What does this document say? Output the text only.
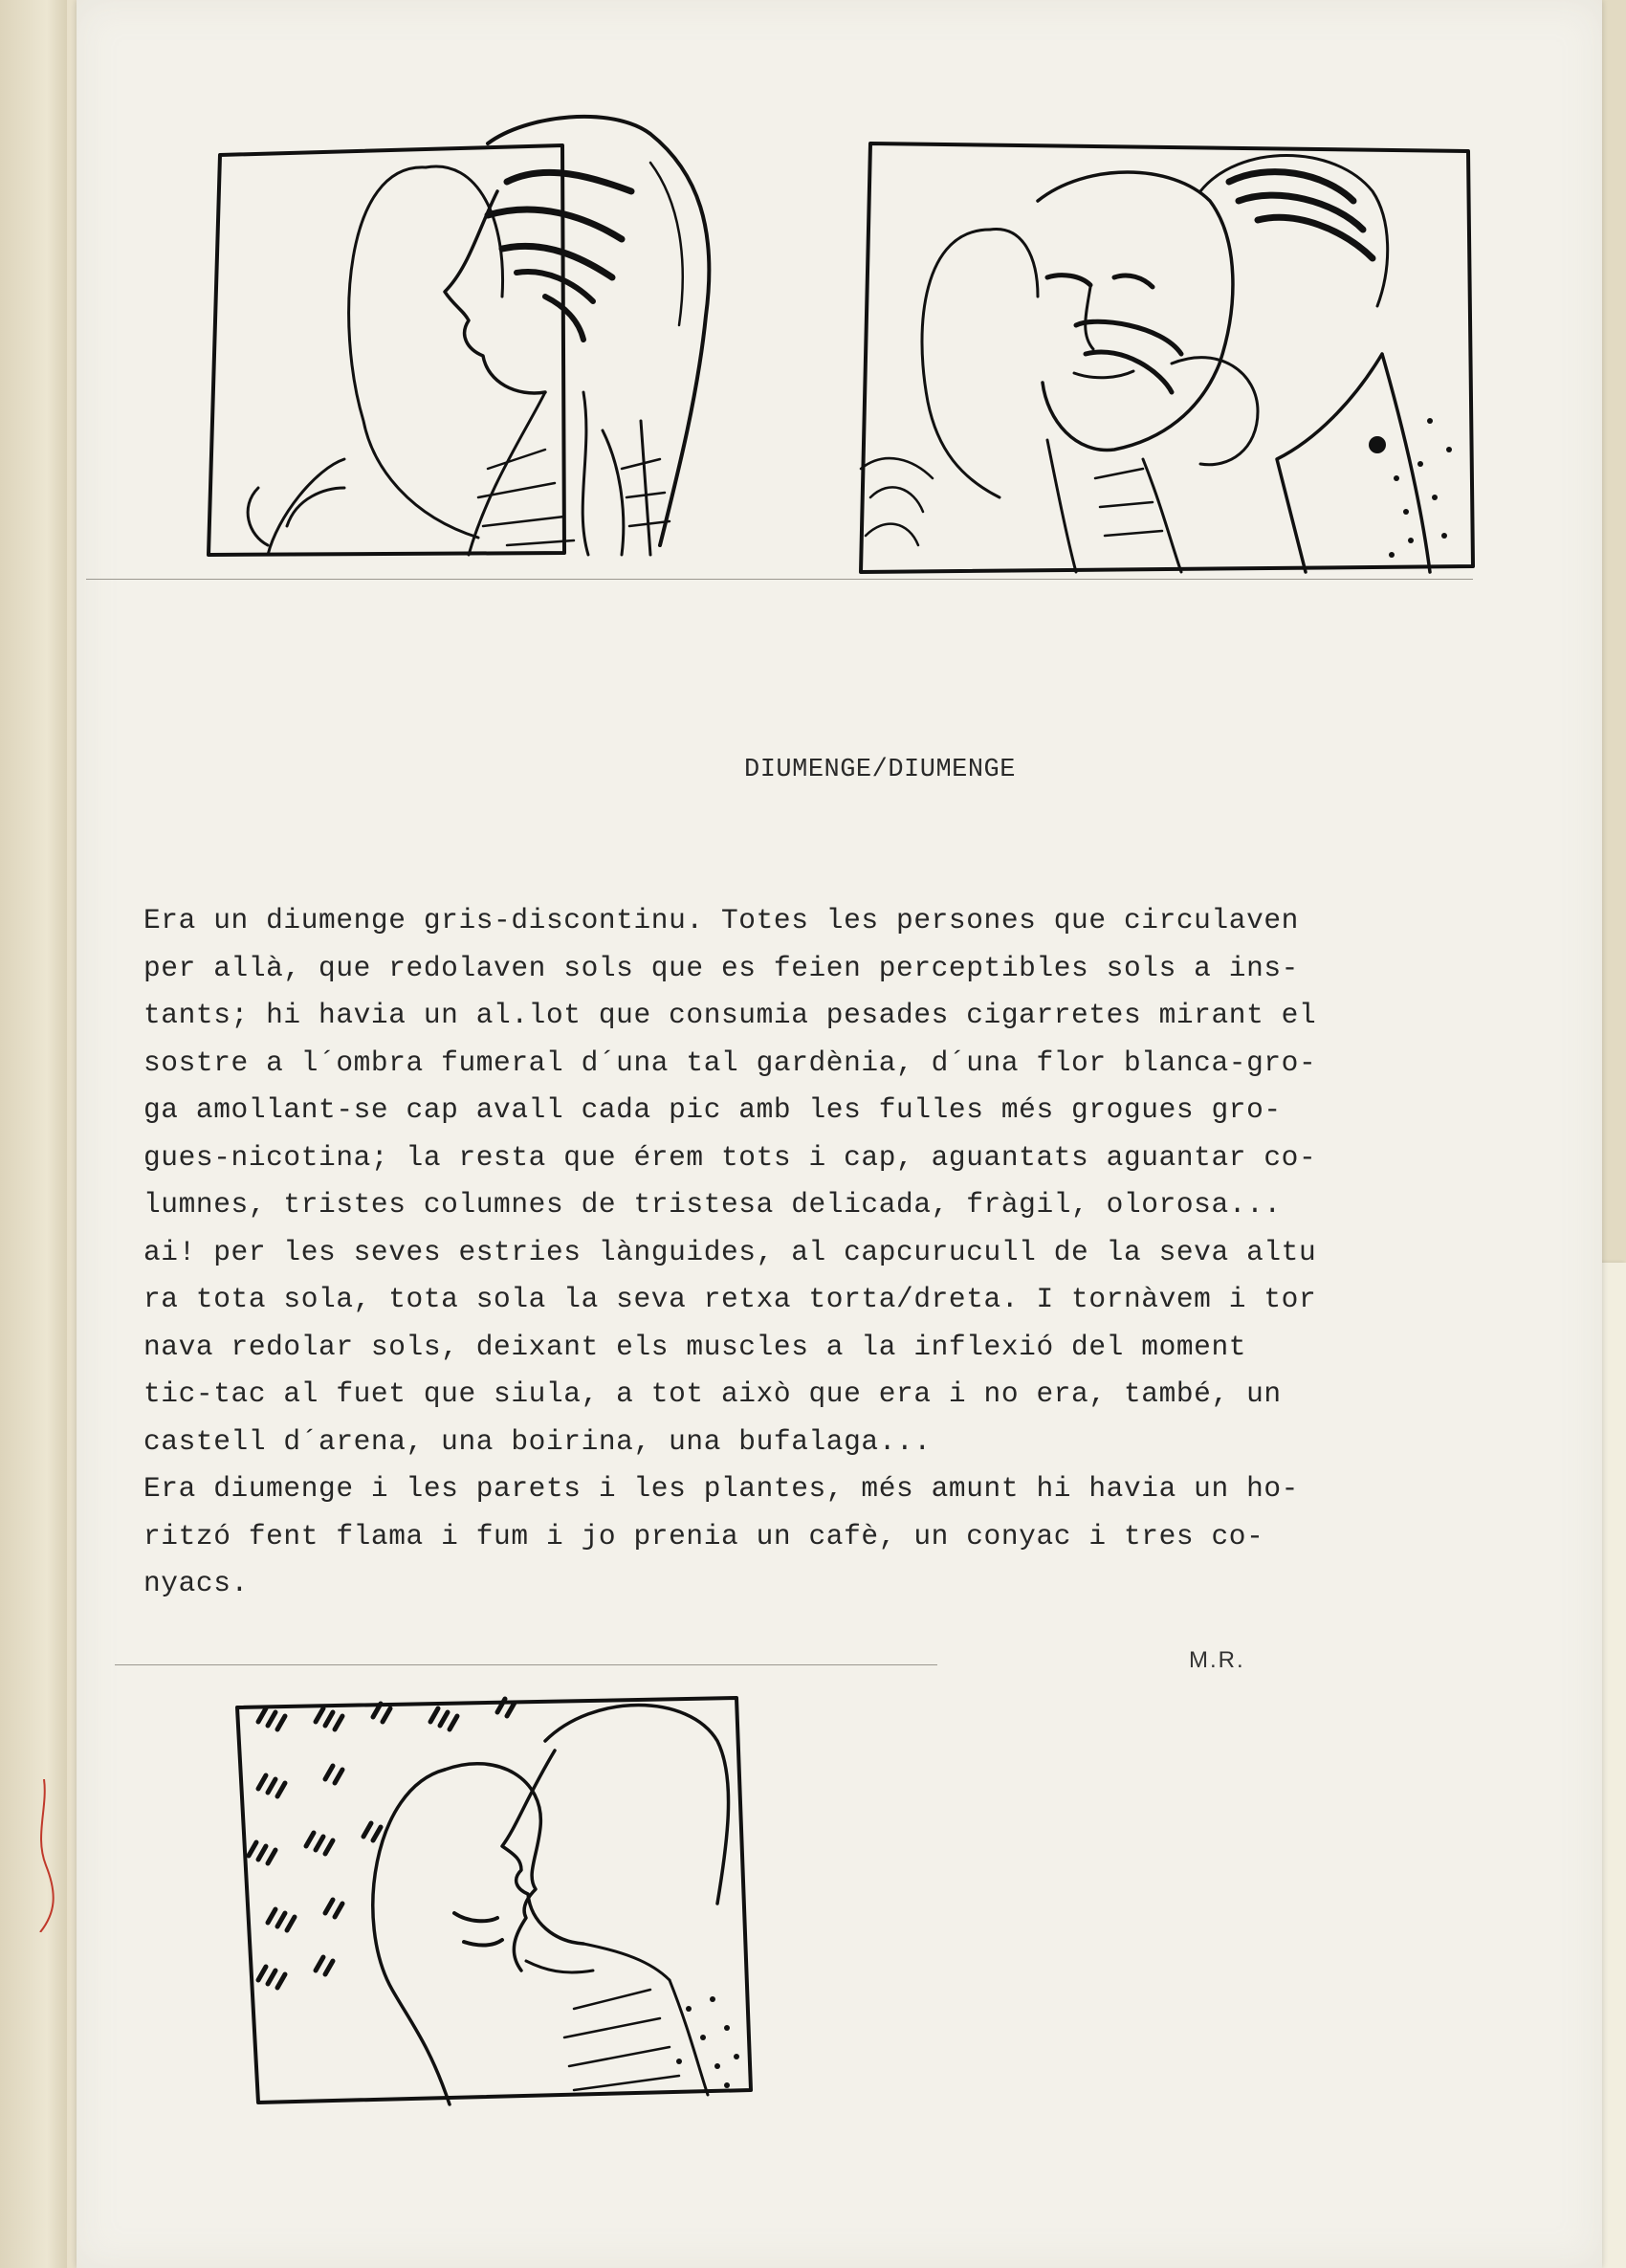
DIUMENGE/DIUMENGE
Era un diumenge gris-discontinu. Totes les persones que circulaven
per allà, que redolaven sols que es feien perceptibles sols a ins-
tants; hi havia un al.lot que consumia pesades cigarretes mirant el
sostre a l´ombra fumeral d´una tal gardènia, d´una flor blanca-gro-
ga amollant-se cap avall cada pic amb les fulles més grogues gro-
gues-nicotina; la resta que érem tots i cap, aguantats aguantar co-
lumnes, tristes columnes de tristesa delicada, fràgil, olorosa...
ai! per les seves estries lànguides, al capcurucull de la seva altu
ra tota sola, tota sola la seva retxa torta/dreta. I tornàvem i tor
nava redolar sols, deixant els muscles a la inflexió del moment
tic-tac al fuet que siula, a tot això que era i no era, també, un
castell d´arena, una boirina, una bufalaga...
Era diumenge i les parets i les plantes, més amunt hi havia un ho-
ritzó fent flama i fum i jo prenia un cafè, un conyac i tres co-
nyacs.
M.R.
